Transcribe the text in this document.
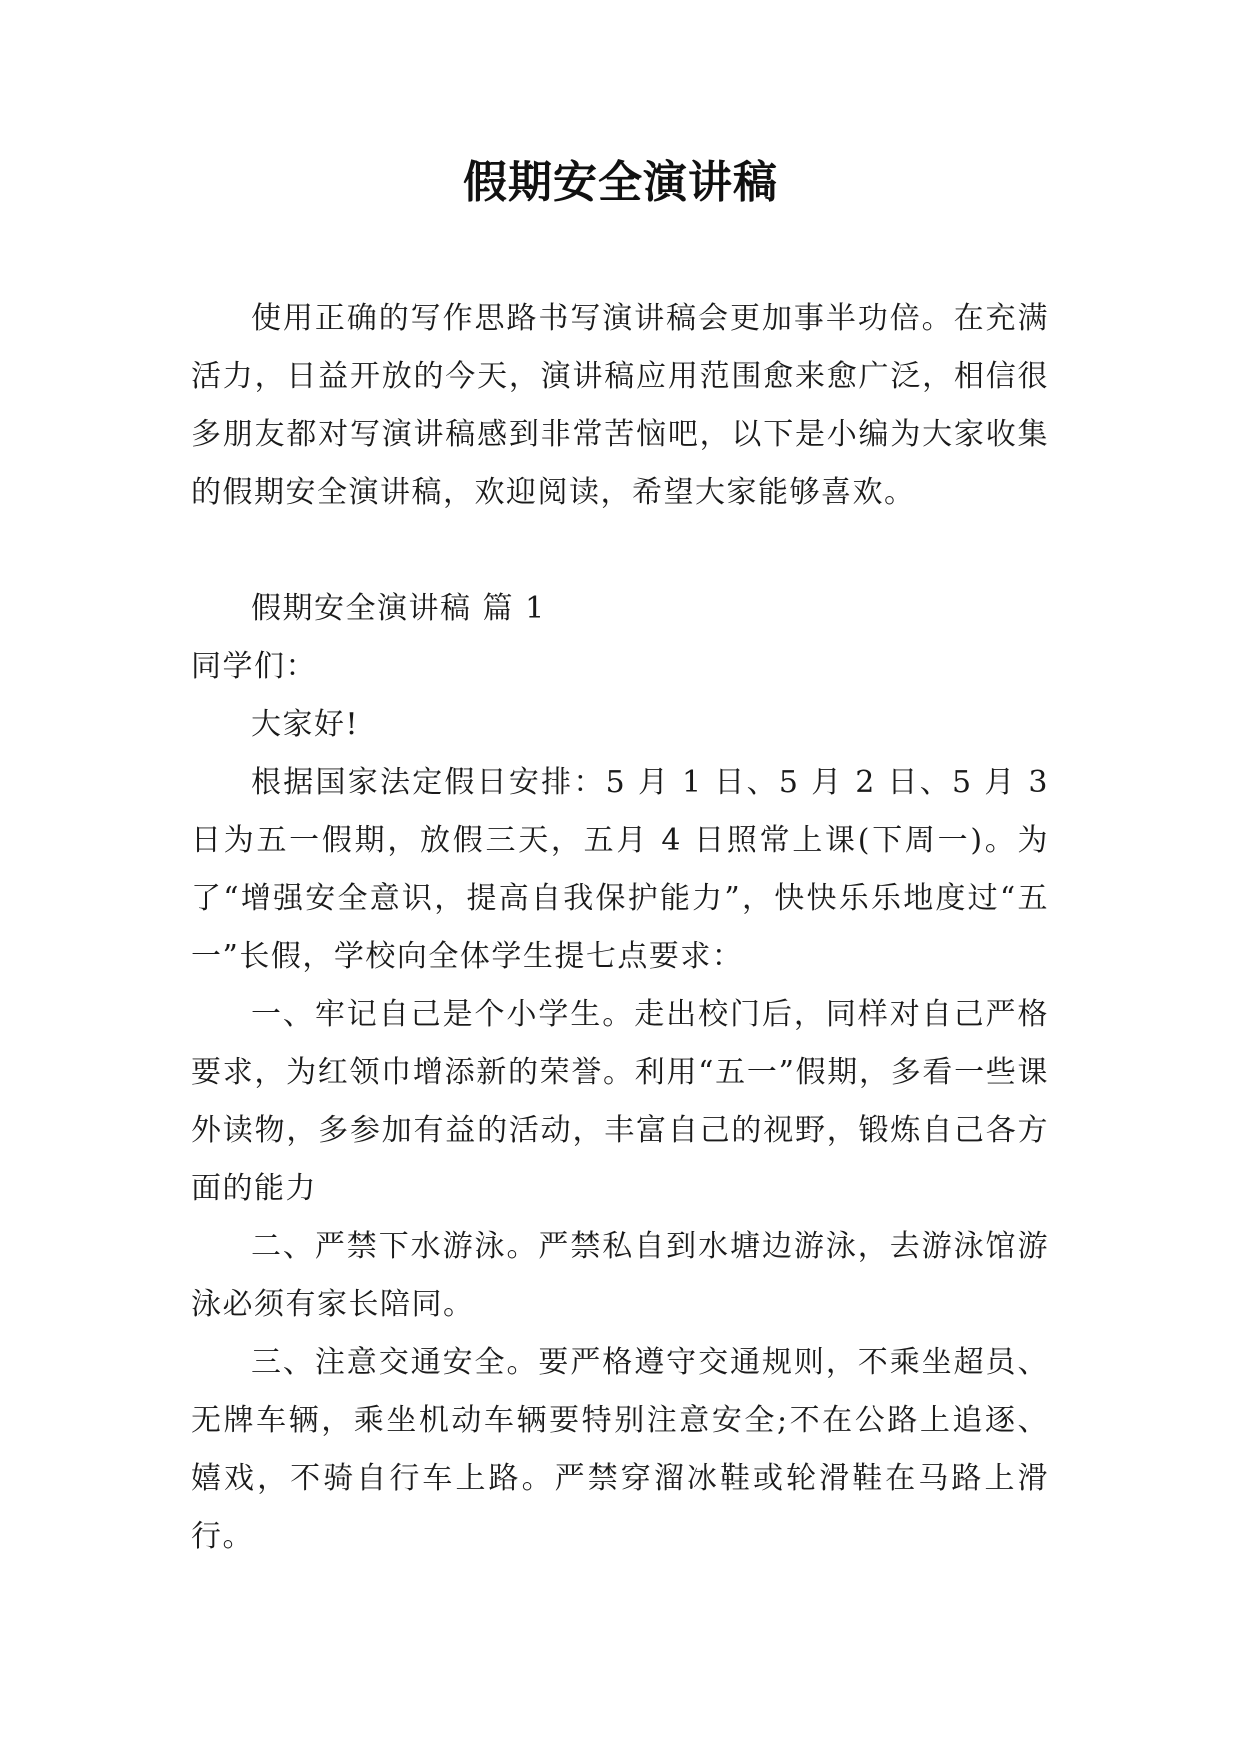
假期安全演讲稿

使用正确的写作思路书写演讲稿会更加事半功倍。在充满活力，日益开放的今天，演讲稿应用范围愈来愈广泛，相信很多朋友都对写演讲稿感到非常苦恼吧，以下是小编为大家收集的假期安全演讲稿，欢迎阅读，希望大家能够喜欢。

假期安全演讲稿 篇 1

同学们：

大家好!

根据国家法定假日安排：5 月 1 日、5 月 2 日、5 月 3 日为五一假期，放假三天，五月 4 日照常上课(下周一)。为了“增强安全意识，提高自我保护能力”，快快乐乐地度过“五一”长假，学校向全体学生提七点要求：

一、牢记自己是个小学生。走出校门后，同样对自己严格要求，为红领巾增添新的荣誉。利用“五一”假期，多看一些课外读物，多参加有益的活动，丰富自己的视野，锻炼自己各方面的能力

二、严禁下水游泳。严禁私自到水塘边游泳，去游泳馆游泳必须有家长陪同。

三、注意交通安全。要严格遵守交通规则，不乘坐超员、无牌车辆，乘坐机动车辆要特别注意安全;不在公路上追逐、嬉戏，不骑自行车上路。严禁穿溜冰鞋或轮滑鞋在马路上滑行。
